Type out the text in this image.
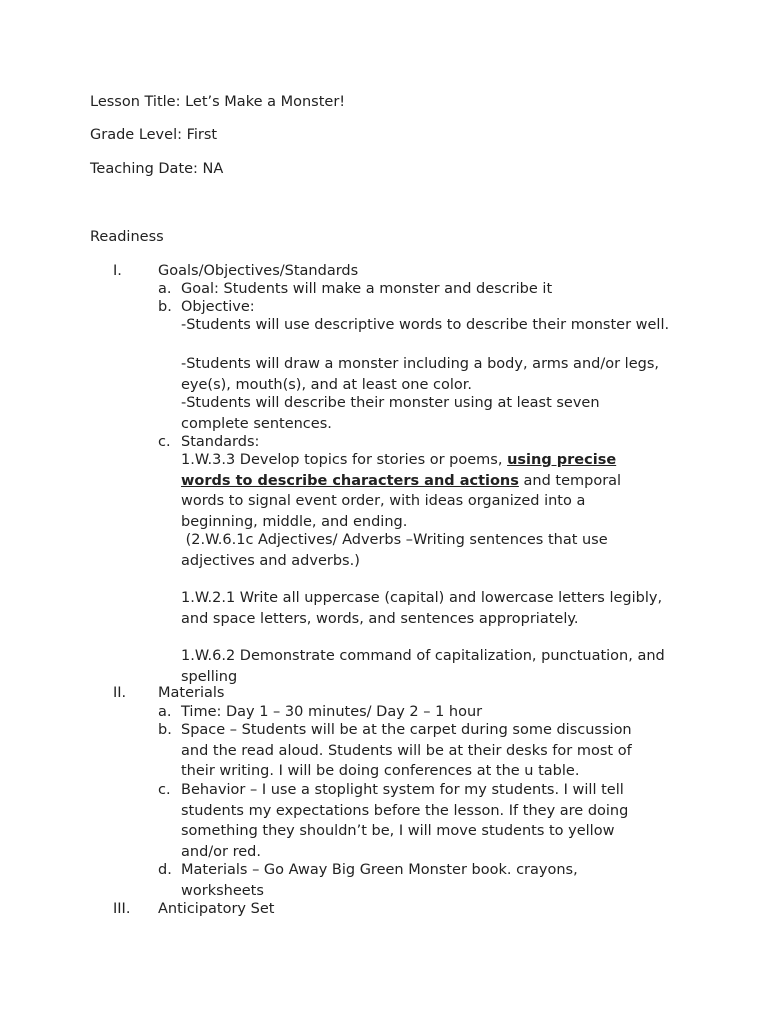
Lesson Title: Let’s Make a Monster!
Grade Level: First
Teaching Date: NA
Readiness
I. Goals/Objectives/Standards
a. Goal: Students will make a monster and describe it
b. Objective:
-Students will use descriptive words to describe their monster well.
-Students will draw a monster including a body, arms and/or legs, eye(s), mouth(s), and at least one color.
-Students will describe their monster using at least seven complete sentences.
c. Standards:
1.W.3.3 Develop topics for stories or poems, using precise words to describe characters and actions and temporal words to signal event order, with ideas organized into a beginning, middle, and ending.
(2.W.6.1c Adjectives/ Adverbs –Writing sentences that use adjectives and adverbs.)
1.W.2.1 Write all uppercase (capital) and lowercase letters legibly, and space letters, words, and sentences appropriately.
1.W.6.2 Demonstrate command of capitalization, punctuation, and spelling
II. Materials
a. Time: Day 1 – 30 minutes/ Day 2 – 1 hour
b. Space – Students will be at the carpet during some discussion and the read aloud. Students will be at their desks for most of their writing. I will be doing conferences at the u table.
c. Behavior – I use a stoplight system for my students. I will tell students my expectations before the lesson. If they are doing something they shouldn’t be, I will move students to yellow and/or red.
d. Materials – Go Away Big Green Monster book. crayons, worksheets
III. Anticipatory Set
